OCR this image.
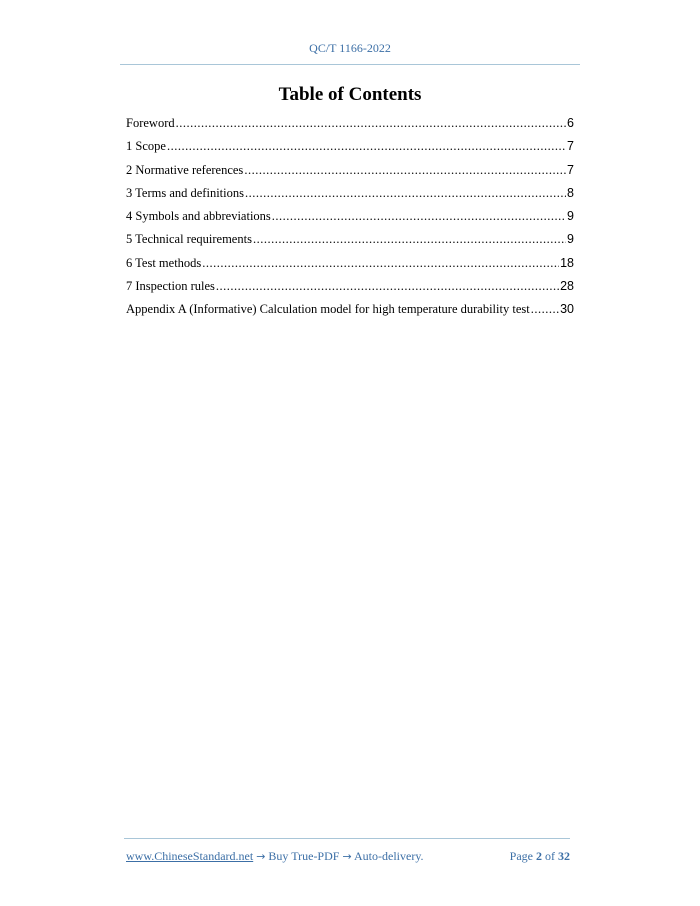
QC/T 1166-2022
Table of Contents
Foreword .....	6
1 Scope .....	7
2 Normative references .....	7
3 Terms and definitions .....	8
4 Symbols and abbreviations .....	9
5 Technical requirements .....	9
6 Test methods .....	18
7 Inspection rules .....	28
Appendix A (Informative) Calculation model for high temperature durability test ..... 30
www.ChineseStandard.net → Buy True-PDF → Auto-delivery.	Page 2 of 32
